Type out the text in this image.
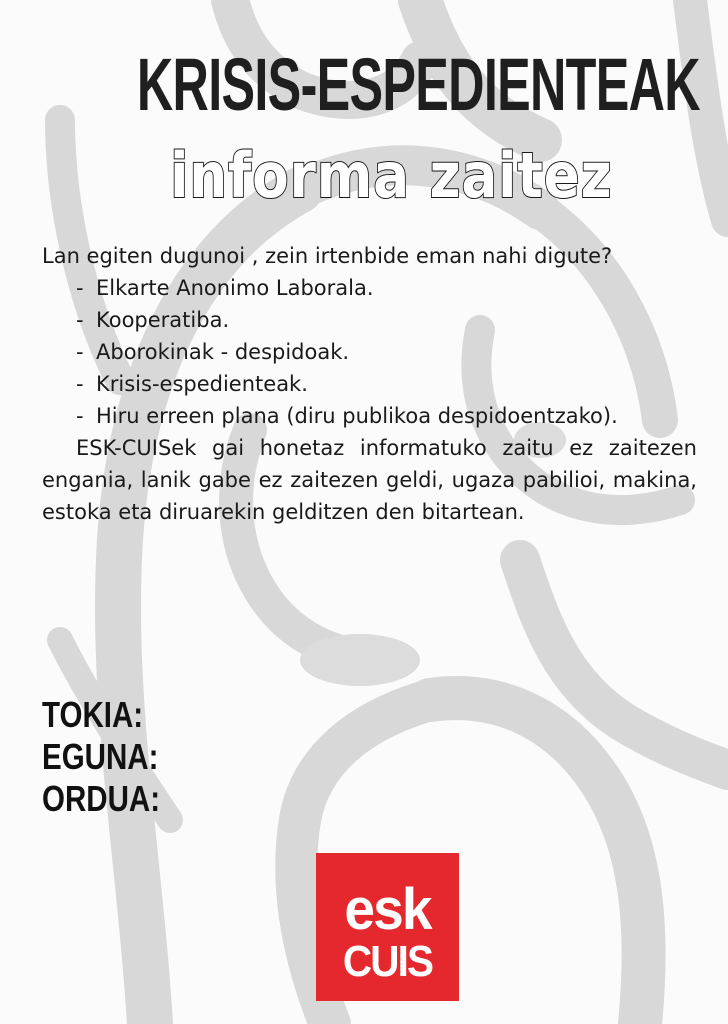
KRISIS-ESPEDIENTEAK
informa zaitez

Lan egiten dugunoi , zein irtenbide eman nahi digute?

- Elkarte Anonimo Laborala.
- Kooperatiba.
- Aborokinak - despidoak.
- Krisis-espedienteak.
- Hiru erreen plana (diru publikoa despidoentzako).

ESK-CUISek gai honetaz informatuko zaitu ez zaitezen engania, lanik gabe ez zaitezen geldi, ugaza pabilioi, makina, estoka eta diruarekin gelditzen den bitartean.

TOKIA:
EGUNA:
ORDUA:
esk
CUIS
